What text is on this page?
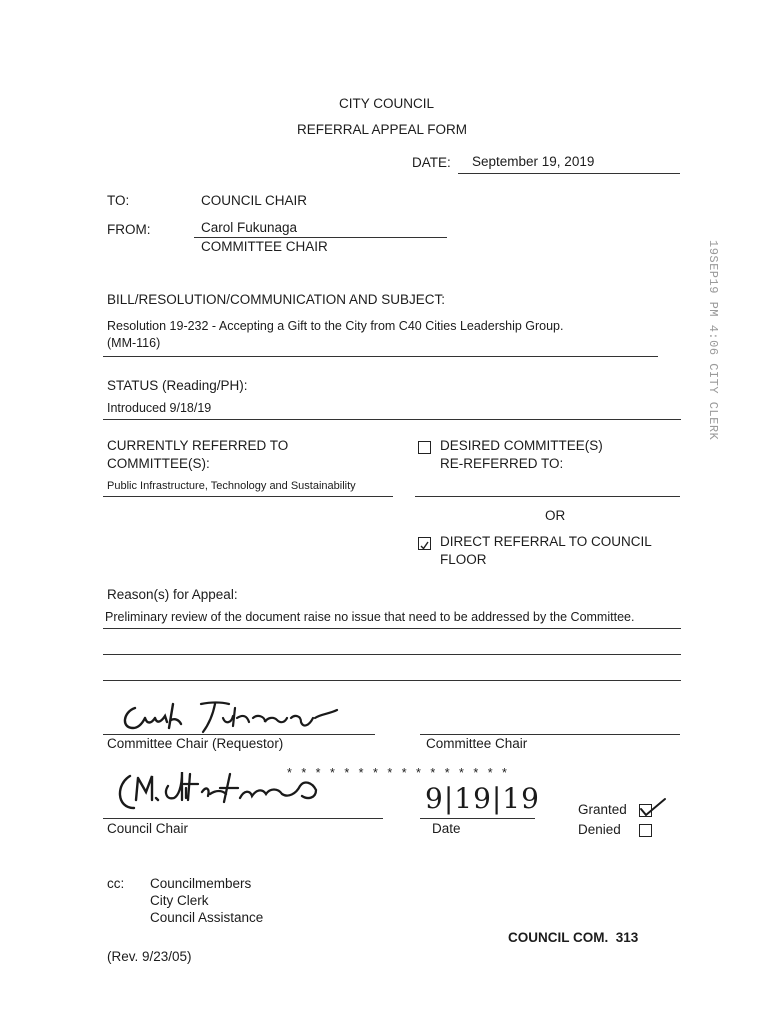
CITY COUNCIL
REFERRAL APPEAL FORM
DATE: September 19, 2019
19SEP19 PM 4:06 CITY CLERK
TO:	COUNCIL CHAIR
FROM:	Carol Fukunaga
COMMITTEE CHAIR
BILL/RESOLUTION/COMMUNICATION AND SUBJECT:
Resolution 19-232 - Accepting a Gift to the City from C40 Cities Leadership Group.
(MM-116)
STATUS (Reading/PH):
Introduced 9/18/19
CURRENTLY REFERRED TO
COMMITTEE(S):
Public Infrastructure, Technology and Sustainability
DESIRED COMMITTEE(S)
RE-REFERRED TO:
OR
DIRECT REFERRAL TO COUNCIL
FLOOR
Reason(s) for Appeal:
Preliminary review of the document raise no issue that need to be addressed by the Committee.
Committee Chair (Requestor)	Committee Chair
* * * * * * * * * * * * * * * *
Council Chair
9|19|19
Date
Granted
Denied
cc: Councilmembers
City Clerk
Council Assistance
COUNCIL COM.  313
(Rev. 9/23/05)
